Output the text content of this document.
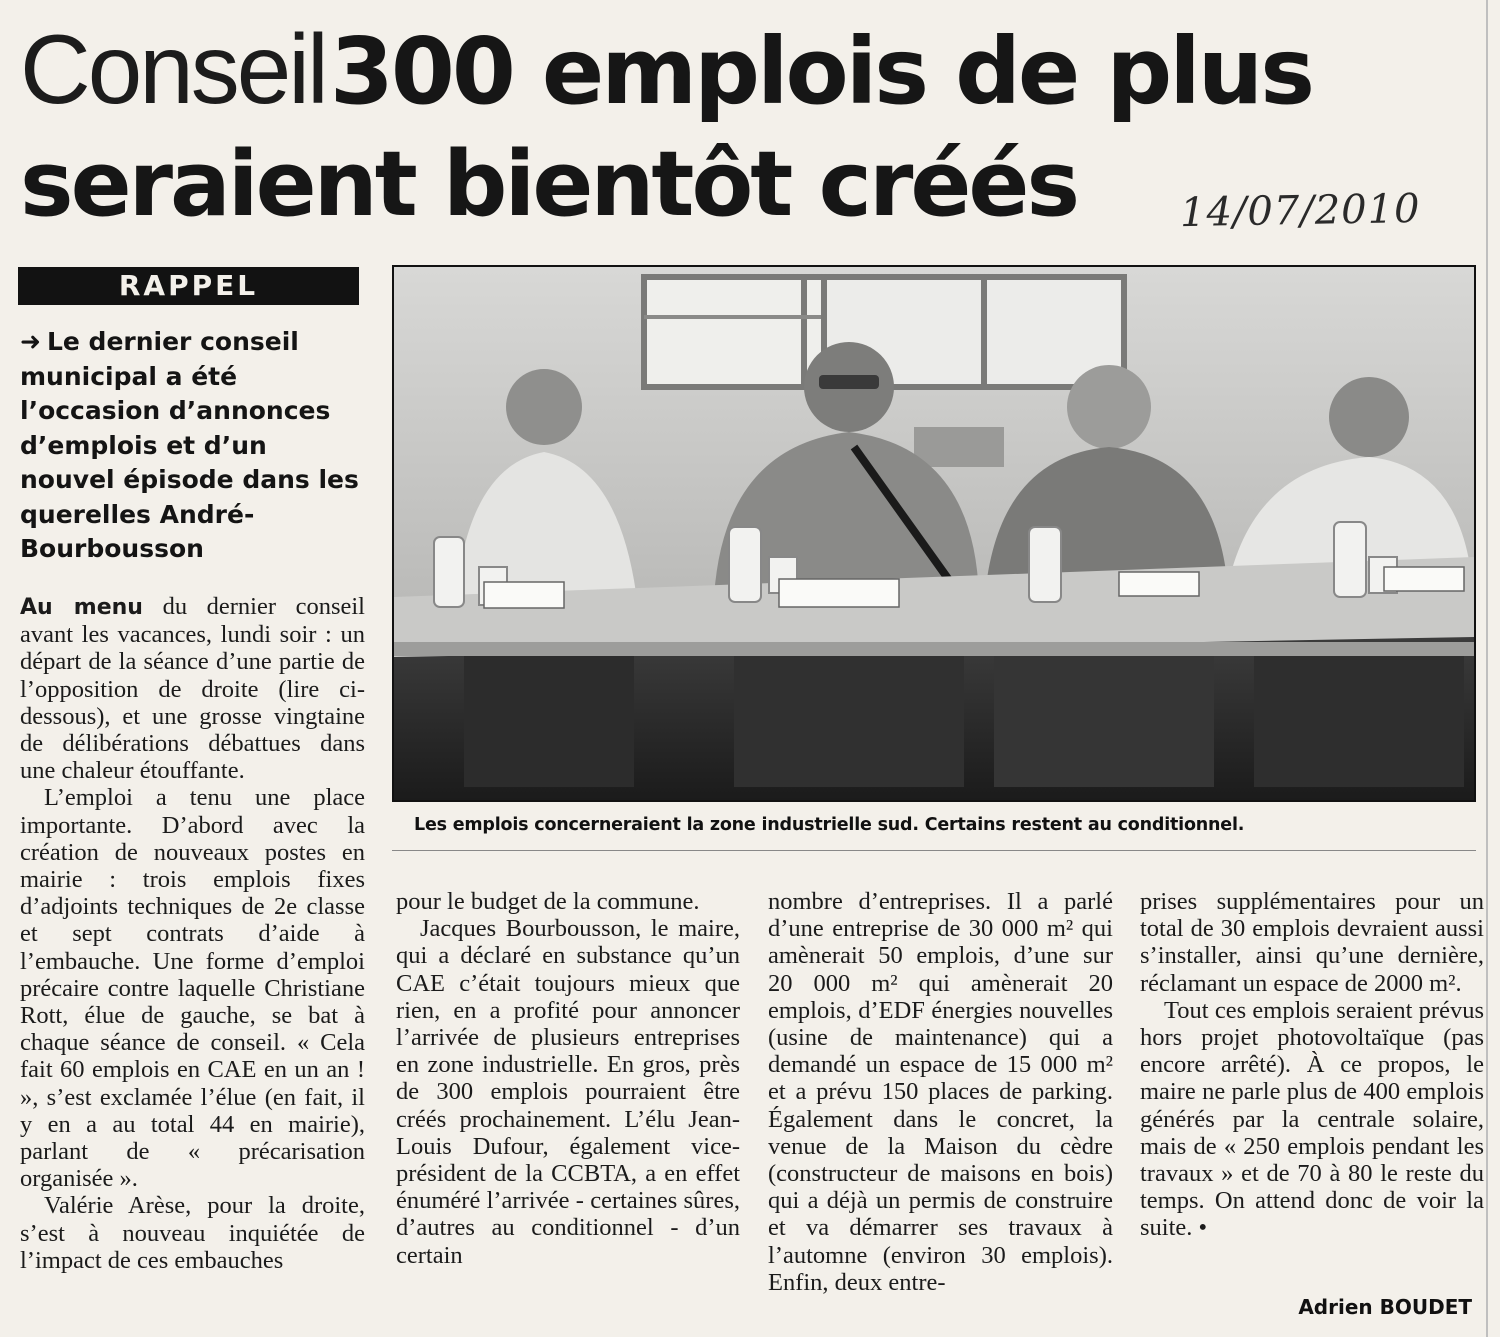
Conseil 300 emplois de plus
seraient bientôt créés	14/07/2010
RAPPEL
➜ Le dernier conseil municipal a été l’occasion d’annonces d’emplois et d’un nouvel épisode dans les querelles André- Bourbousson
Les emplois concerneraient la zone industrielle sud. Certains restent au conditionnel.

Au menu du dernier conseil avant les vacances, lundi soir : un départ de la séance d’une partie de l’opposition de droite (lire ci-dessous), et une grosse vingtaine de délibérations débattues dans une chaleur étouffante.

L’emploi a tenu une place importante. D’abord avec la création de nouveaux postes en mairie : trois emplois fixes d’adjoints techniques de 2e classe et sept contrats d’aide à l’embauche. Une forme d’emploi précaire contre laquelle Christiane Rott, élue de gauche, se bat à chaque séance de conseil. « Cela fait 60 emplois en CAE en un an ! », s’est exclamée l’élue (en fait, il y en a au total 44 en mairie), parlant de « précarisation organisée ».

Valérie Arèse, pour la droite, s’est à nouveau inquiétée de l’impact de ces embauches

pour le budget de la commune.

Jacques Bourbousson, le maire, qui a déclaré en substance qu’un CAE c’était toujours mieux que rien, en a profité pour annoncer l’arrivée de plusieurs entreprises en zone industrielle. En gros, près de 300 emplois pourraient être créés prochainement. L’élu Jean-Louis Dufour, également vice-président de la CCBTA, a en effet énuméré l’arrivée - certaines sûres, d’autres au conditionnel - d’un certain

nombre d’entreprises. Il a parlé d’une entreprise de 30 000 m² qui amènerait 50 emplois, d’une sur 20 000 m² qui amènerait 20 emplois, d’EDF énergies nouvelles (usine de maintenance) qui a demandé un espace de 15 000 m² et a prévu 150 places de parking. Également dans le concret, la venue de la Maison du cèdre (constructeur de maisons en bois) qui a déjà un permis de construire et va démarrer ses travaux à l’automne (environ 30 emplois). Enfin, deux entre-

prises supplémentaires pour un total de 30 emplois devraient aussi s’installer, ainsi qu’une dernière, réclamant un espace de 2000 m².

Tout ces emplois seraient prévus hors projet photovoltaïque (pas encore arrêté). À ce propos, le maire ne parle plus de 400 emplois générés par la centrale solaire, mais de « 250 emplois pendant les travaux » et de 70 à 80 le reste du temps. On attend donc de voir la suite. •

Adrien BOUDET
